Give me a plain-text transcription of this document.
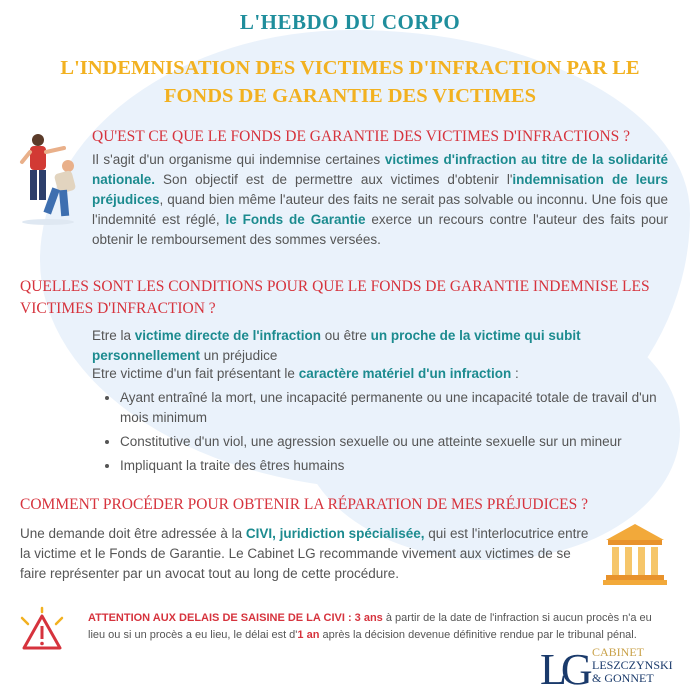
L'HEBDO DU CORPO
L'INDEMNISATION DES VICTIMES D'INFRACTION PAR LE
FONDS DE GARANTIE DES VICTIMES
QU'EST CE QUE LE FONDS DE GARANTIE DES VICTIMES D'INFRACTIONS ?
Il s'agit d'un organisme qui indemnise certaines victimes d'infraction au titre de la solidarité nationale. Son objectif est de permettre aux victimes d'obtenir l'indemnisation de leurs préjudices, quand bien même l'auteur des faits ne serait pas solvable ou inconnu. Une fois que l'indemnité est réglé, le Fonds de Garantie exerce un recours contre l'auteur des faits pour obtenir le remboursement des sommes versées.
QUELLES SONT LES CONDITIONS POUR QUE LE FONDS DE GARANTIE INDEMNISE LES
VICTIMES D'INFRACTION ?
Etre la victime directe de l'infraction ou être un proche de la victime qui subit personnellement un préjudice
Etre victime d'un fait présentant le caractère matériel d'un infraction :
• Ayant entraîné la mort, une incapacité permanente ou une incapacité totale de travail d'un mois minimum
• Constitutive d'un viol, une agression sexuelle ou une atteinte sexuelle sur un mineur
• Impliquant la traite des êtres humains
COMMENT PROCÉDER POUR OBTENIR LA RÉPARATION DE MES PRÉJUDICES ?
Une demande doit être adressée à la CIVI, juridiction spécialisée, qui est l'interlocutrice entre la victime et le Fonds de Garantie. Le Cabinet LG recommande vivement aux victimes de se faire représenter par un avocat tout au long de cette procédure.
ATTENTION AUX DELAIS DE SAISINE DE LA CIVI : 3 ans à partir de la date de l'infraction si aucun procès n'a eu lieu ou si un procès a eu lieu, le délai est d'1 an après la décision devenue définitive rendue par le tribunal pénal.
LG CABINET
LESZCZYNSKI
& GONNET
